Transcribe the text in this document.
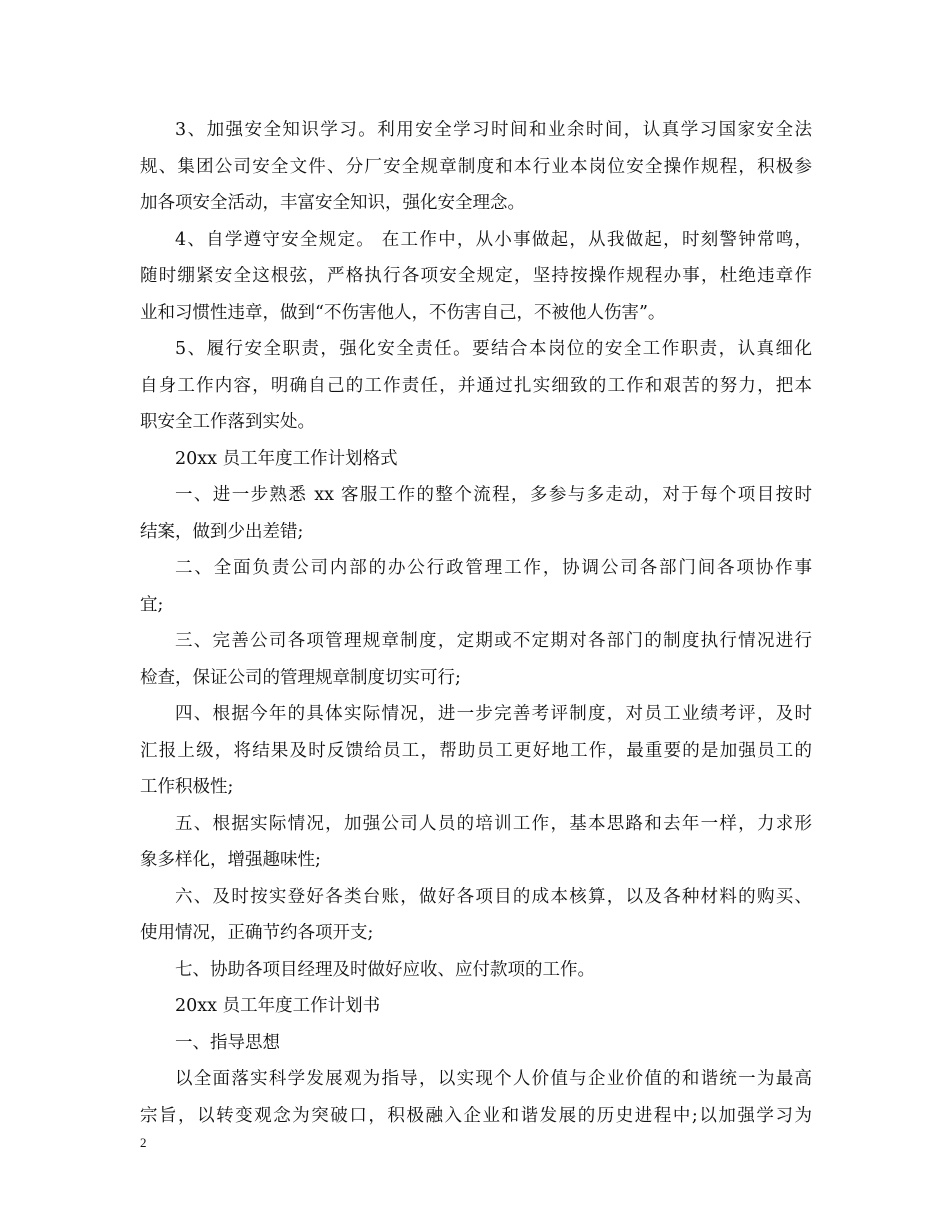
3、加强安全知识学习。利用安全学习时间和业余时间，认真学习国家安全法
规、集团公司安全文件、分厂安全规章制度和本行业本岗位安全操作规程，积极参
加各项安全活动，丰富安全知识，强化安全理念。
4、自学遵守安全规定。 在工作中，从小事做起，从我做起，时刻警钟常鸣，
随时绷紧安全这根弦，严格执行各项安全规定，坚持按操作规程办事，杜绝违章作
业和习惯性违章，做到“不伤害他人，不伤害自己，不被他人伤害”。
5、履行安全职责，强化安全责任。要结合本岗位的安全工作职责，认真细化
自身工作内容，明确自己的工作责任，并通过扎实细致的工作和艰苦的努力，把本
职安全工作落到实处。
20xx 员工年度工作计划格式
一、进一步熟悉 xx 客服工作的整个流程，多参与多走动，对于每个项目按时
结案，做到少出差错;
二、全面负责公司内部的办公行政管理工作，协调公司各部门间各项协作事
宜;
三、完善公司各项管理规章制度，定期或不定期对各部门的制度执行情况进行
检查，保证公司的管理规章制度切实可行;
四、根据今年的具体实际情况，进一步完善考评制度，对员工业绩考评，及时
汇报上级，将结果及时反馈给员工，帮助员工更好地工作，最重要的是加强员工的
工作积极性;
五、根据实际情况，加强公司人员的培训工作，基本思路和去年一样，力求形
象多样化，增强趣味性;
六、及时按实登好各类台账，做好各项目的成本核算，以及各种材料的购买、
使用情况，正确节约各项开支;
七、协助各项目经理及时做好应收、应付款项的工作。
20xx 员工年度工作计划书
一、指导思想
以全面落实科学发展观为指导，以实现个人价值与企业价值的和谐统一为最高
宗旨，以转变观念为突破口，积极融入企业和谐发展的历史进程中;以加强学习为
2
